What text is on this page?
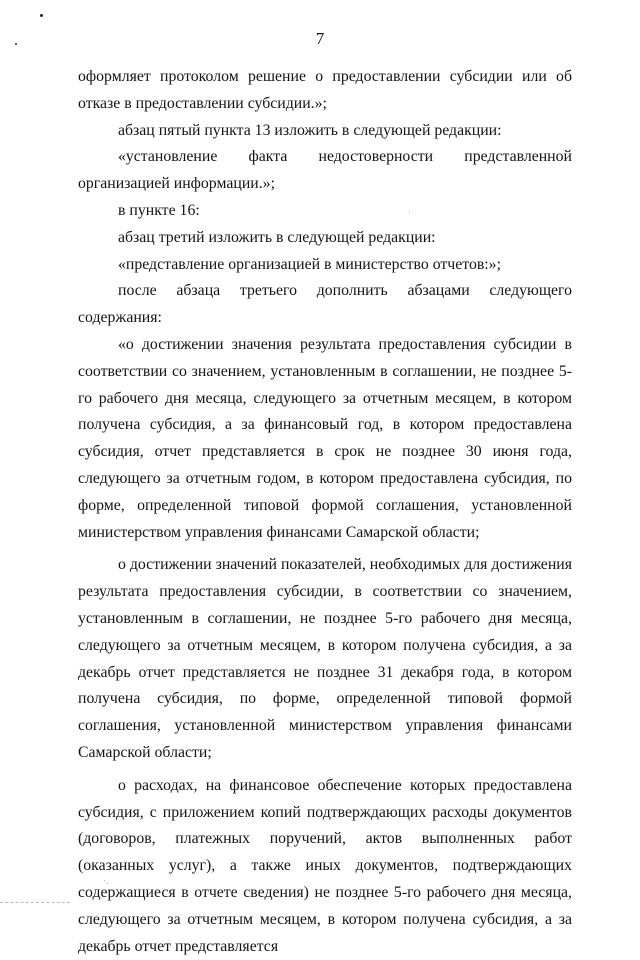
·.
7

оформляет протоколом решение о предоставлении субсидии или об отказе в предоставлении субсидии.»;

абзац пятый пункта 13 изложить в следующей редакции:

«установление факта недостоверности представленной организацией информации.»;

в пункте 16:

абзац третий изложить в следующей редакции:

«представление организацией в министерство отчетов:»;

после абзаца третьего дополнить абзацами следующего содержания:

«о достижении значения результата предоставления субсидии в соответствии со значением, установленным в соглашении, не позднее 5-го рабочего дня месяца, следующего за отчетным месяцем, в котором получена субсидия, а за финансовый год, в котором предоставлена субсидия, отчет представляется в срок не позднее 30 июня года, следующего за отчетным годом, в котором предоставлена субсидия, по форме, определенной типовой формой соглашения, установленной министерством управления финансами Самарской области;

о достижении значений показателей, необходимых для достижения результата предоставления субсидии, в соответствии со значением, установленным в соглашении, не позднее 5-го рабочего дня месяца, следующего за отчетным месяцем, в котором получена субсидия, а за декабрь отчет представляется не позднее 31 декабря года, в котором получена субсидия, по форме, определенной типовой формой соглашения, установленной министерством управления финансами Самарской области;

о расходах, на финансовое обеспечение которых предоставлена субсидия, с приложением копий подтверждающих расходы документов (договоров, платежных поручений, актов выполненных работ (оказанных услуг), а также иных документов, подтверждающих содержащиеся в отчете сведения) не позднее 5-го рабочего дня месяца, следующего за отчетным месяцем, в котором получена субсидия, а за декабрь отчет представляется
